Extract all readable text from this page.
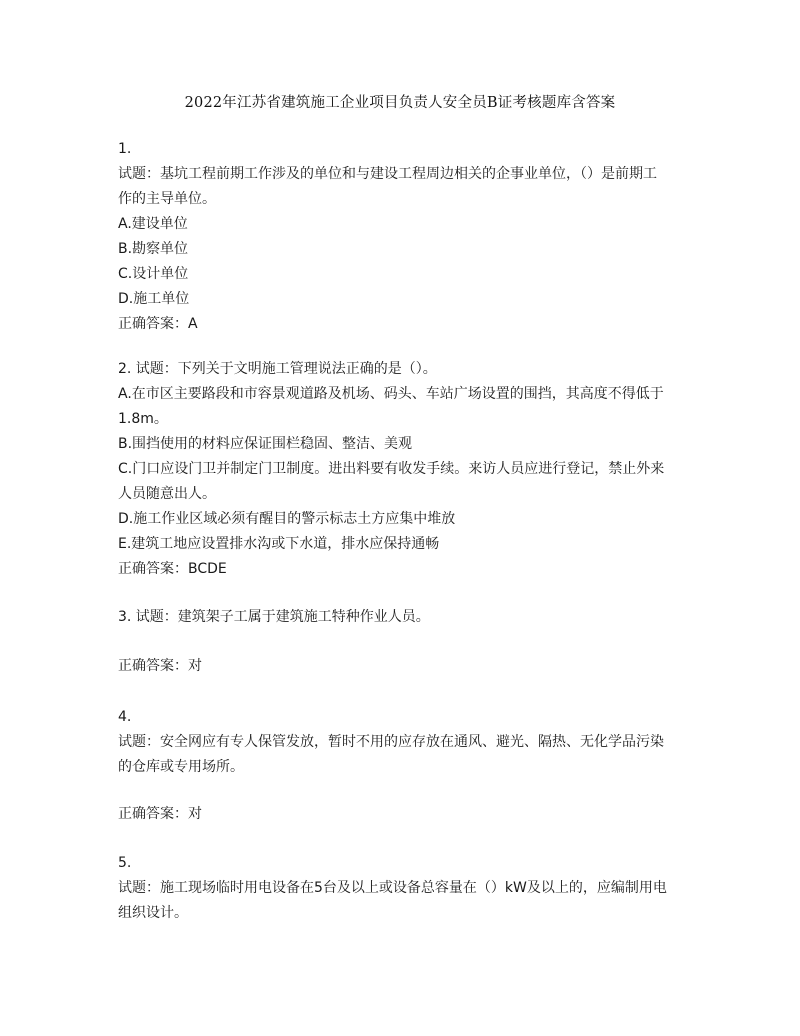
2022年江苏省建筑施工企业项目负责人安全员B证考核题库含答案
1.
试题：基坑工程前期工作涉及的单位和与建设工程周边相关的企事业单位，（）是前期工
作的主导单位。
A.建设单位
B.勘察单位
C.设计单位
D.施工单位
正确答案：A
2. 试题：下列关于文明施工管理说法正确的是（）。
A.在市区主要路段和市容景观道路及机场、码头、车站广场设置的围挡，其高度不得低于
1.8m。
B.围挡使用的材料应保证围栏稳固、整洁、美观
C.门口应设门卫并制定门卫制度。进出料要有收发手续。来访人员应进行登记，禁止外来
人员随意出人。
D.施工作业区域必须有醒目的警示标志土方应集中堆放
E.建筑工地应设置排水沟或下水道，排水应保持通畅
正确答案：BCDE
3. 试题：建筑架子工属于建筑施工特种作业人员。
正确答案：对
4.
试题：安全网应有专人保管发放，暂时不用的应存放在通风、避光、隔热、无化学品污染
的仓库或专用场所。
正确答案：对
5.
试题：施工现场临时用电设备在5台及以上或设备总容量在（）kW及以上的，应编制用电
组织设计。
